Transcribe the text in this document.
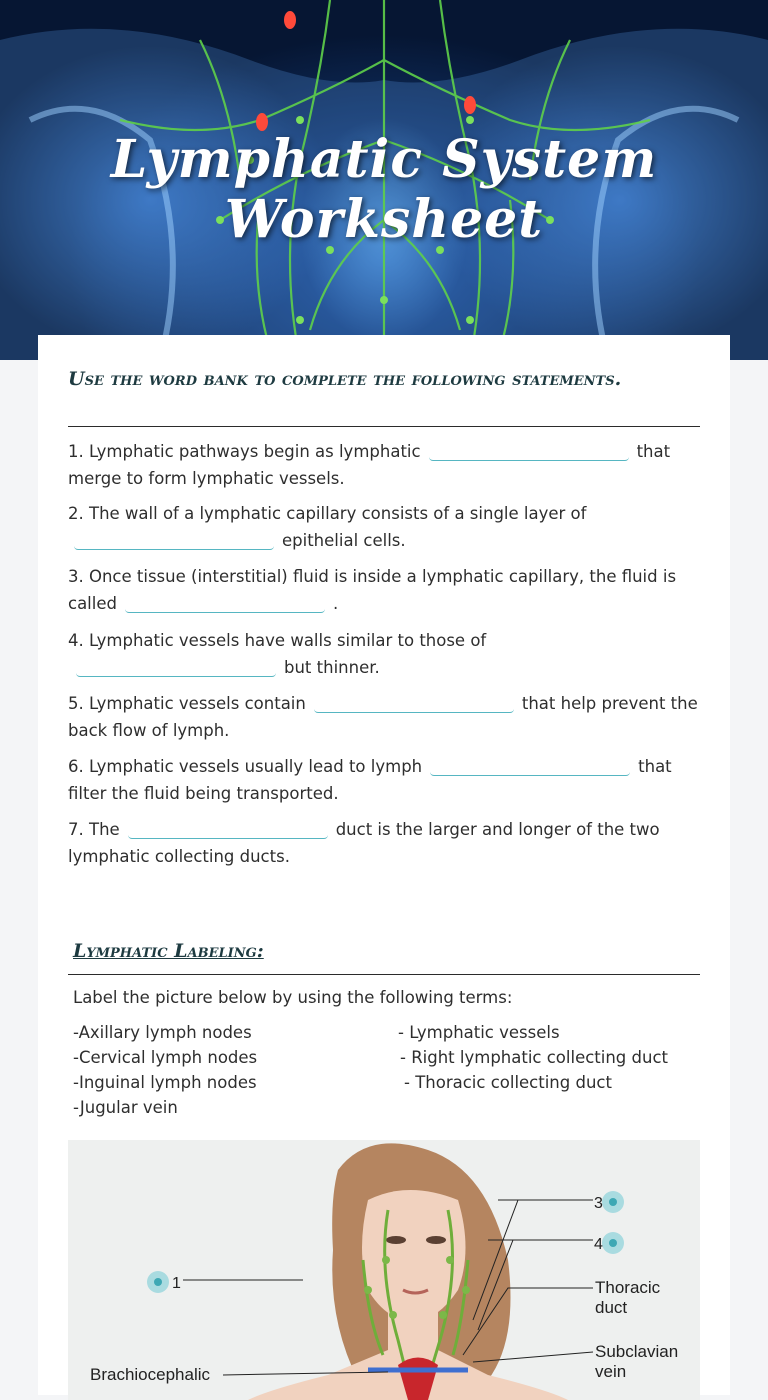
Lymphatic System Worksheet
Use the word bank to complete the following statements.
1. Lymphatic pathways begin as lymphatic	that merge to form lymphatic vessels.
2. The wall of a lymphatic capillary consists of a single layer of
epithelial cells.
3. Once tissue (interstitial) fluid is inside a lymphatic capillary, the fluid is called	.
4. Lymphatic vessels have walls similar to those ofbut thinner.
5. Lymphatic vessels contain	that help prevent the back flow of lymph.
6. Lymphatic vessels usually lead to lymph	that filter the fluid being transported.
7. The	duct is the larger and longer of the two lymphatic collecting ducts.
Lymphatic Labeling:
Label the picture below by using the following terms:
-Axillary lymph nodes
-Cervical lymph nodes
-Inguinal lymph nodes
-Jugular vein
- Lymphatic vessels
- Right lymphatic collecting duct
- Thoracic collecting duct
3
4
1	Thoracic
duct
Subclavian
vein
Brachiocephalic
